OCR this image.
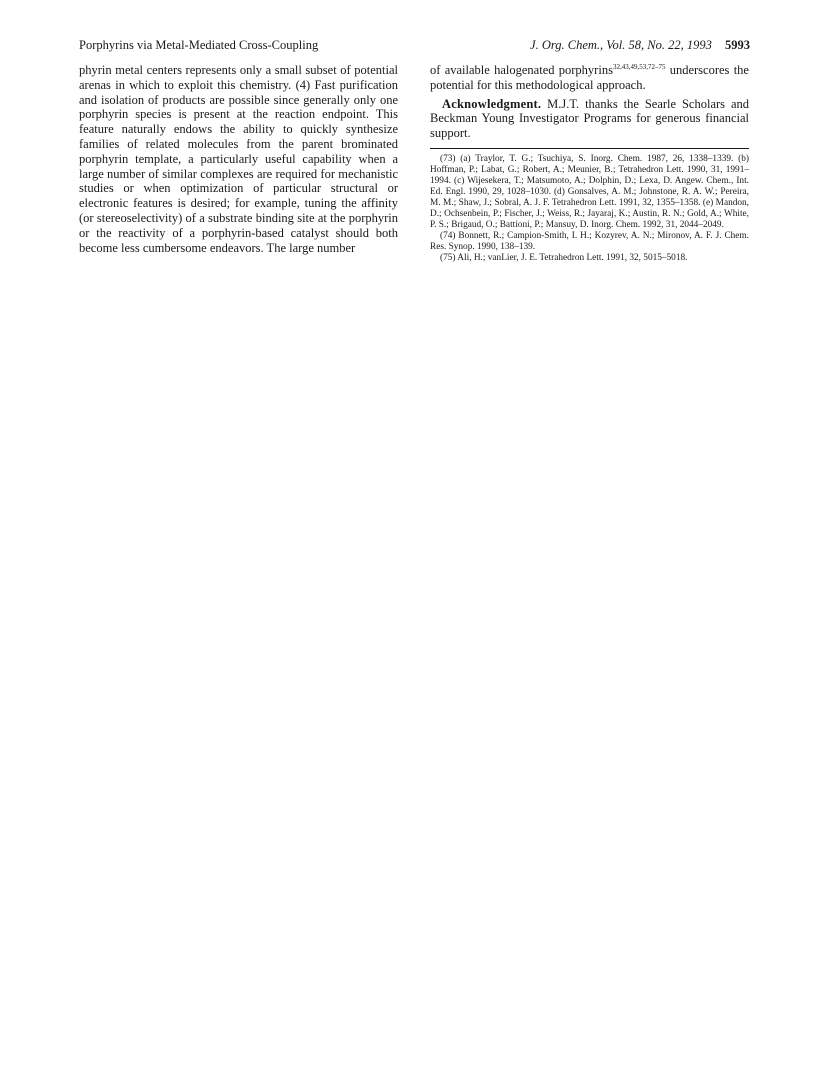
Porphyrins via Metal-Mediated Cross-Coupling	J. Org. Chem., Vol. 58, No. 22, 1993 5993

phyrin metal centers represents only a small subset of potential arenas in which to exploit this chemistry. (4) Fast purification and isolation of products are possible since generally only one porphyrin species is present at the reaction endpoint. This feature naturally endows the ability to quickly synthesize families of related molecules from the parent brominated porphyrin template, a particularly useful capability when a large number of similar complexes are required for mechanistic studies or when optimization of particular structural or electronic features is desired; for example, tuning the affinity (or stereoselectivity) of a substrate binding site at the porphyrin or the reactivity of a porphyrin-based catalyst should both become less cumbersome endeavors. The large number

of available halogenated porphyrins$^{32,43,49,53,72-75}$ underscores the potential for this methodological approach.

Acknowledgment. M.J.T. thanks the Searle Scholars and Beckman Young Investigator Programs for generous financial support.

(73) (a) Traylor, T. G.; Tsuchiya, S. Inorg. Chem. 1987, 26, 1338–1339. (b) Hoffman, P.; Labat, G.; Robert, A.; Meunier, B.; Tetrahedron Lett. 1990, 31, 1991–1994. (c) Wijesekera, T.; Matsumoto, A.; Dolphin, D.; Lexa, D. Angew. Chem., Int. Ed. Engl. 1990, 29, 1028–1030. (d) Gonsalves, A. M.; Johnstone, R. A. W.; Pereira, M. M.; Shaw, J.; Sobral, A. J. F. Tetrahedron Lett. 1991, 32, 1355–1358. (e) Mandon, D.; Ochsenbein, P.; Fischer, J.; Weiss, R.; Jayaraj, K.; Austin, R. N.; Gold, A.; White, P. S.; Brigaud, O.; Battioni, P.; Mansuy, D. Inorg. Chem. 1992, 31, 2044–2049.

(74) Bonnett, R.; Campion-Smith, I. H.; Kozyrev, A. N.; Mironov, A. F. J. Chem. Res. Synop. 1990, 138–139.

(75) Ali, H.; vanLier, J. E. Tetrahedron Lett. 1991, 32, 5015–5018.
